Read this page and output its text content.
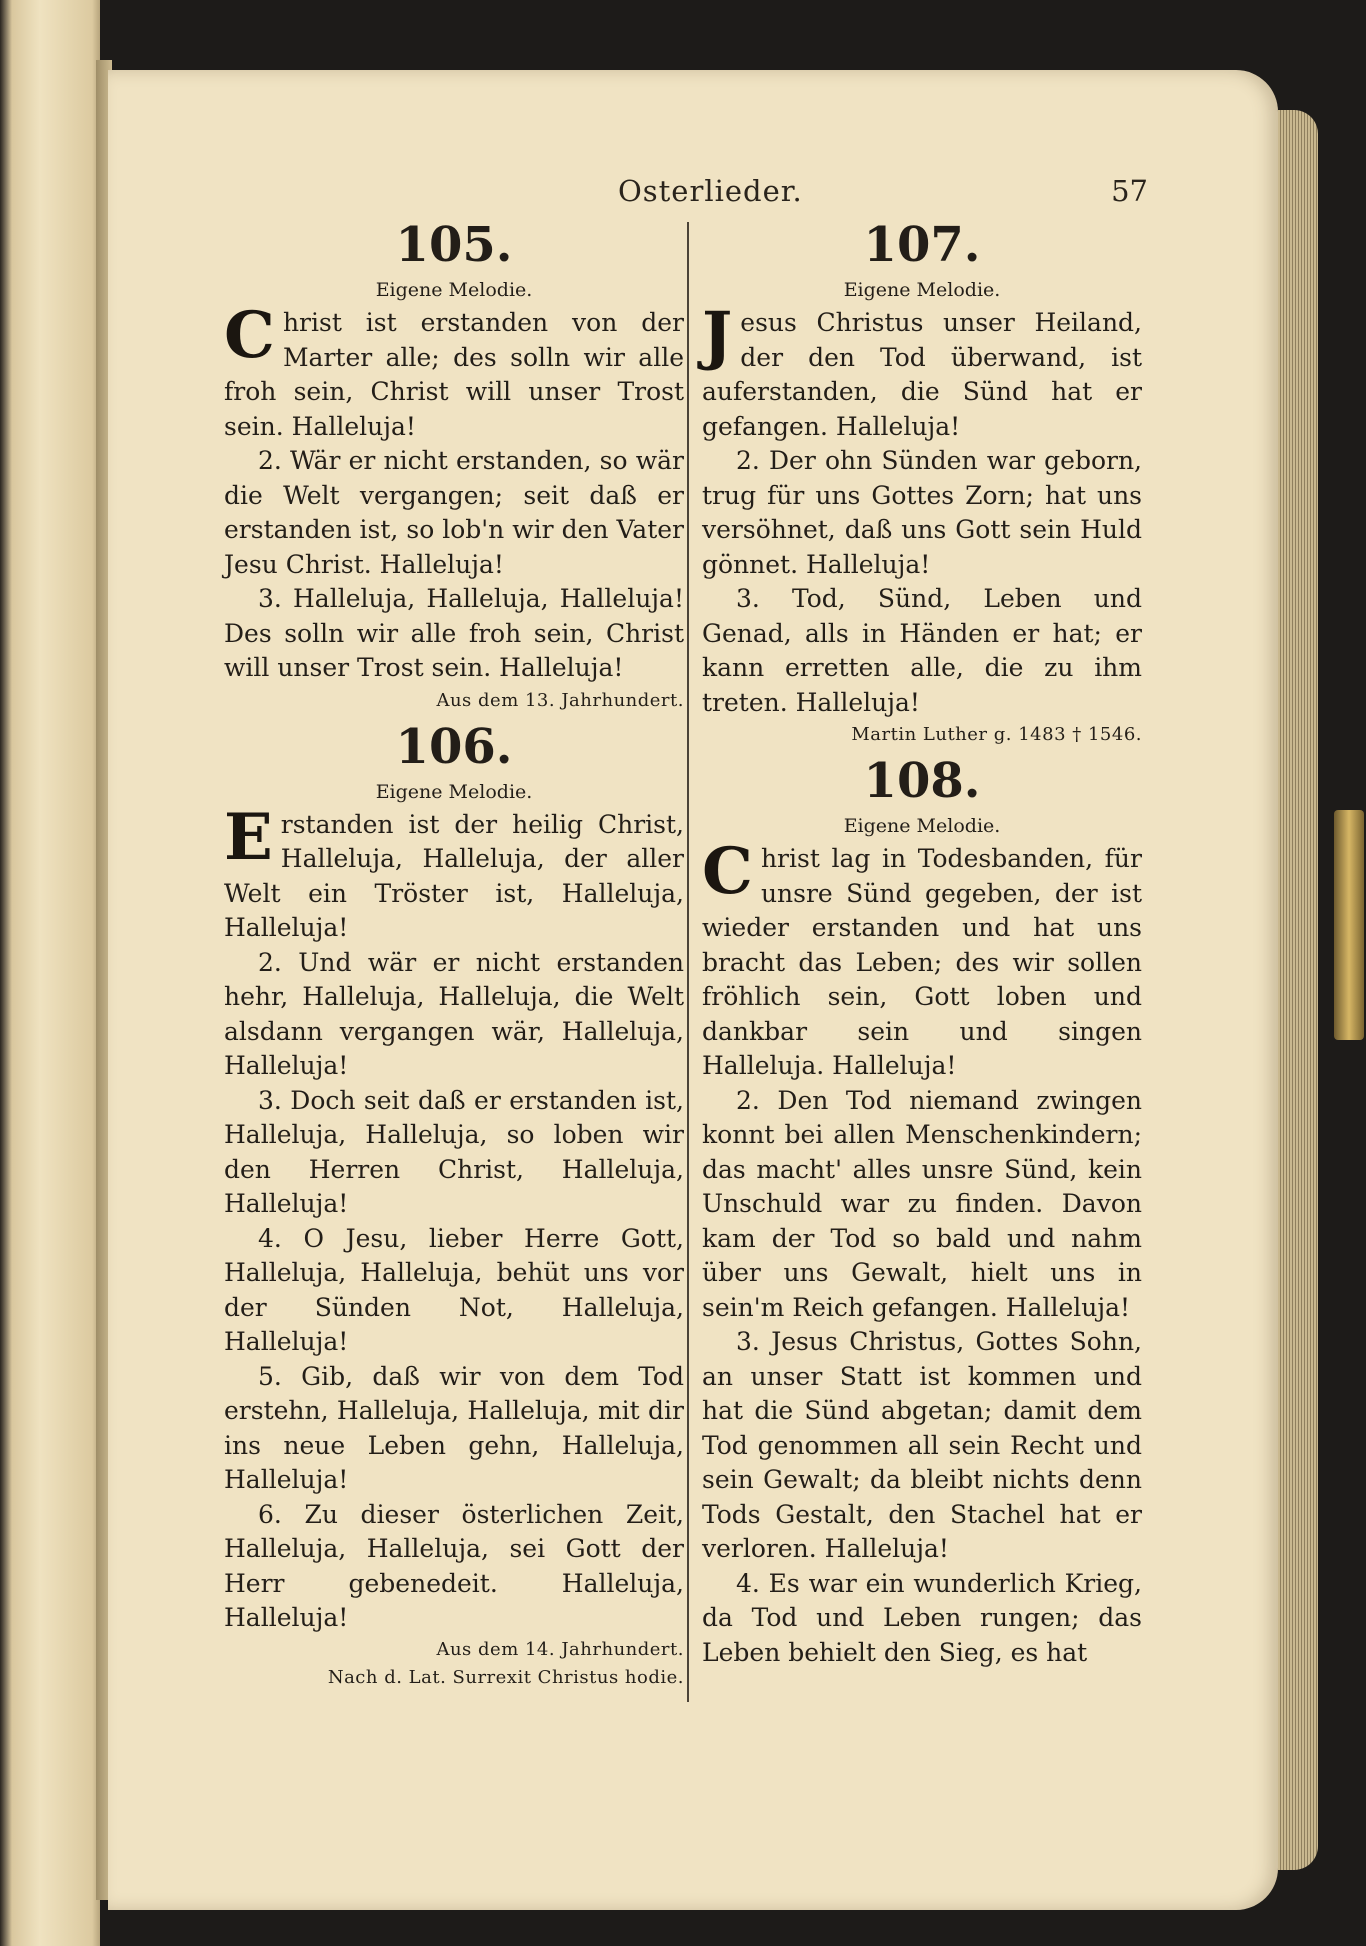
Osterlieder.	57
105.
Eigene Melodie.

Christ ist erstanden von der Marter alle; des solln wir alle froh sein, Christ will unser Trost sein. Halleluja!

2. Wär er nicht erstanden, so wär die Welt vergangen; seit daß er erstanden ist, so lob'n wir den Vater Jesu Christ. Halleluja!

3. Halleluja, Halleluja, Halleluja! Des solln wir alle froh sein, Christ will unser Trost sein. Halleluja!

Aus dem 13. Jahrhundert.
106.
Eigene Melodie.

Erstanden ist der heilig Christ, Halleluja, Halleluja, der aller Welt ein Tröster ist, Halleluja, Halleluja!

2. Und wär er nicht erstanden hehr, Halleluja, Halleluja, die Welt alsdann vergangen wär, Halleluja, Halleluja!

3. Doch seit daß er erstanden ist, Halleluja, Halleluja, so loben wir den Herren Christ, Halleluja, Halleluja!

4. O Jesu, lieber Herre Gott, Halleluja, Halleluja, behüt uns vor der Sünden Not, Halleluja, Halleluja!

5. Gib, daß wir von dem Tod erstehn, Halleluja, Halleluja, mit dir ins neue Leben gehn, Halleluja, Halleluja!

6. Zu dieser österlichen Zeit, Halleluja, Halleluja, sei Gott der Herr gebenedeit. Halleluja, Halleluja!

Aus dem 14. Jahrhundert.
Nach d. Lat. Surrexit Christus hodie.
107.
Eigene Melodie.

Jesus Christus unser Heiland, der den Tod überwand, ist auferstanden, die Sünd hat er gefangen. Halleluja!

2. Der ohn Sünden war geborn, trug für uns Gottes Zorn; hat uns versöhnet, daß uns Gott sein Huld gönnet. Halleluja!

3. Tod, Sünd, Leben und Genad, alls in Händen er hat; er kann erretten alle, die zu ihm treten. Halleluja!

Martin Luther g. 1483 † 1546.
108.
Eigene Melodie.

Christ lag in Todesbanden, für unsre Sünd gegeben, der ist wieder erstanden und hat uns bracht das Leben; des wir sollen fröhlich sein, Gott loben und dankbar sein und singen Halleluja. Halleluja!

2. Den Tod niemand zwingen konnt bei allen Menschenkindern; das macht' alles unsre Sünd, kein Unschuld war zu finden. Davon kam der Tod so bald und nahm über uns Gewalt, hielt uns in sein'm Reich gefangen. Halleluja!

3. Jesus Christus, Gottes Sohn, an unser Statt ist kommen und hat die Sünd abgetan; damit dem Tod genommen all sein Recht und sein Gewalt; da bleibt nichts denn Tods Gestalt, den Stachel hat er verloren. Halleluja!

4. Es war ein wunderlich Krieg, da Tod und Leben rungen; das Leben behielt den Sieg, es hat
